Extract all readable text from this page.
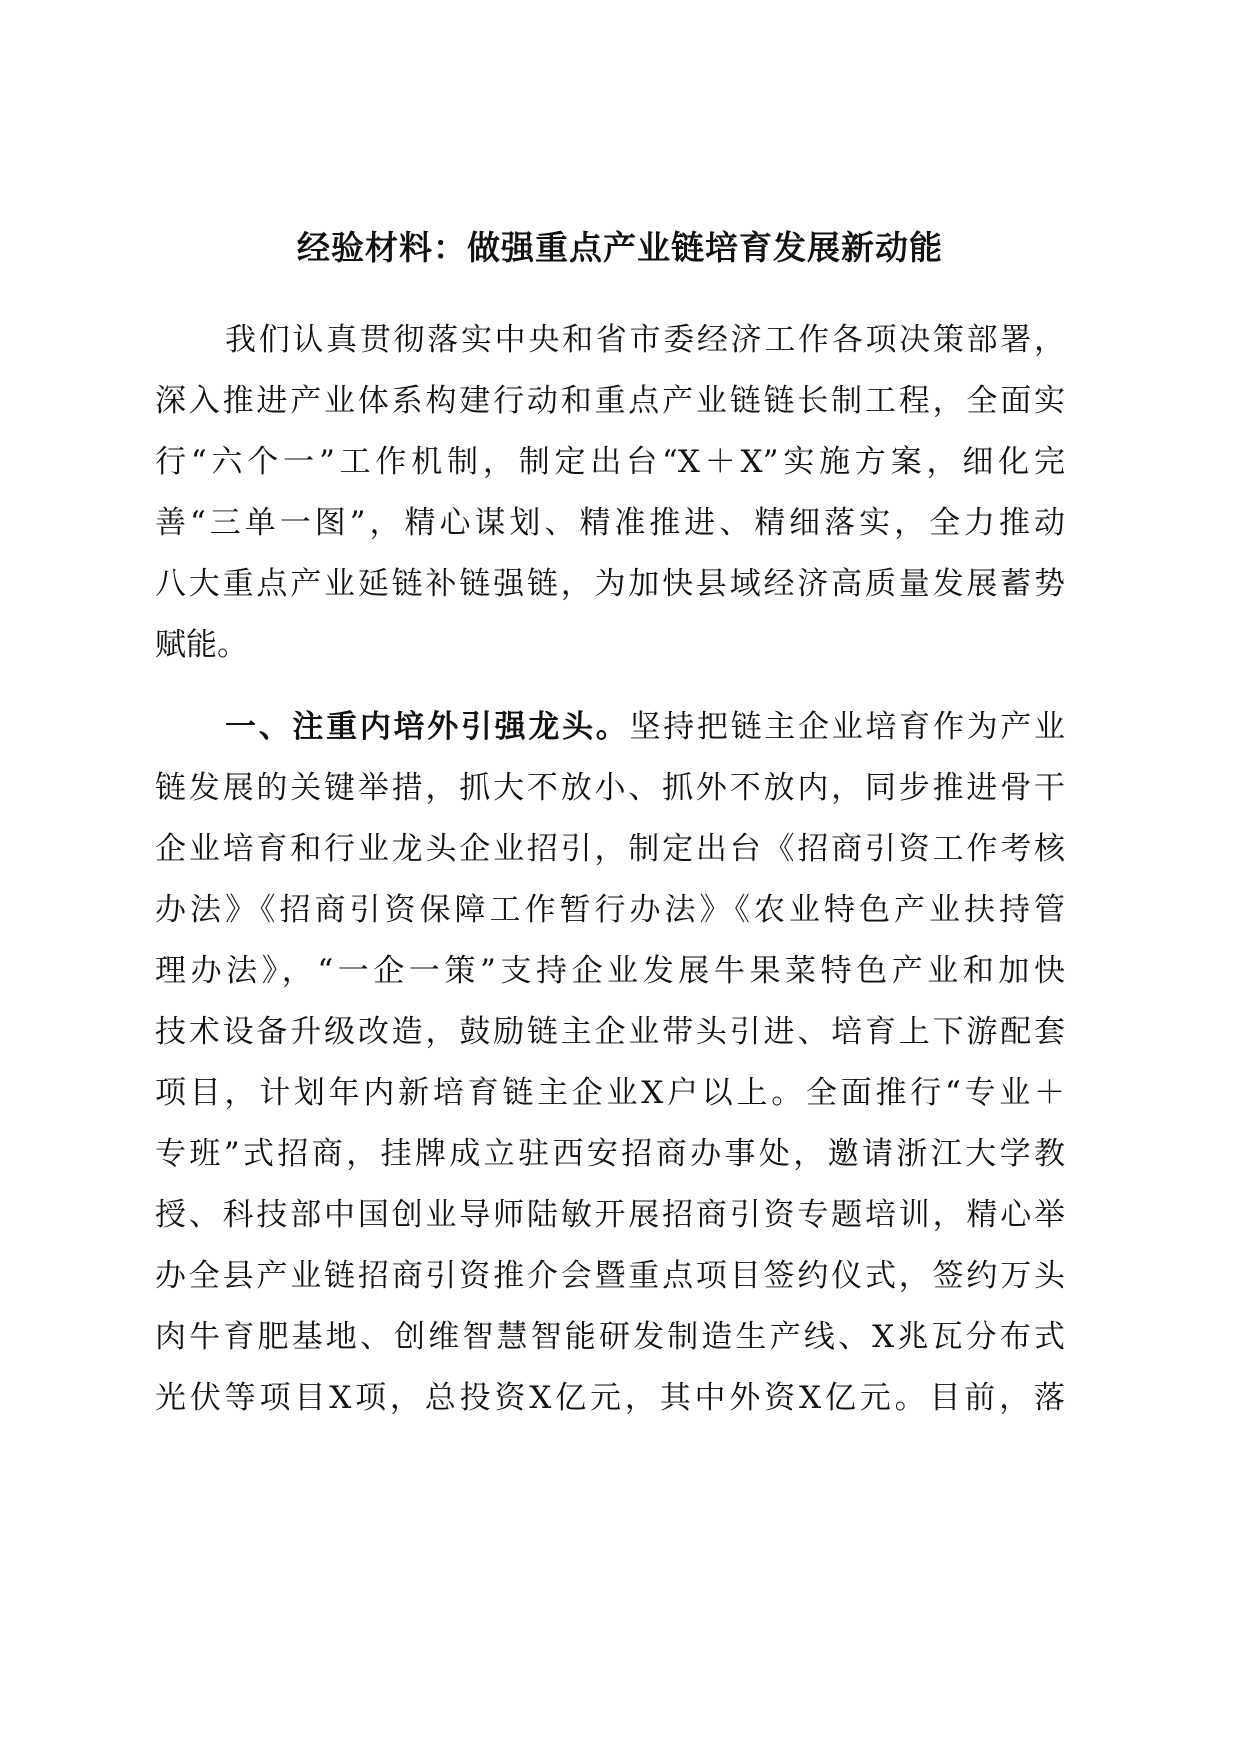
经验材料：做强重点产业链培育发展新动能
我们认真贯彻落实中央和省市委经济工作各项决策部署，
深入推进产业体系构建行动和重点产业链链长制工程，全面实
行“六个一”工作机制，制定出台“X＋X”实施方案，细化完
善“三单一图”，精心谋划、精准推进、精细落实，全力推动
八大重点产业延链补链强链，为加快县域经济高质量发展蓄势
赋能。
一、注重内培外引强龙头。坚持把链主企业培育作为产业
链发展的关键举措，抓大不放小、抓外不放内，同步推进骨干
企业培育和行业龙头企业招引，制定出台《招商引资工作考核
办法》《招商引资保障工作暂行办法》《农业特色产业扶持管
理办法》，“一企一策”支持企业发展牛果菜特色产业和加快
技术设备升级改造，鼓励链主企业带头引进、培育上下游配套
项目，计划年内新培育链主企业X户以上。全面推行“专业＋
专班”式招商，挂牌成立驻西安招商办事处，邀请浙江大学教
授、科技部中国创业导师陆敏开展招商引资专题培训，精心举
办全县产业链招商引资推介会暨重点项目签约仪式，签约万头
肉牛育肥基地、创维智慧智能研发制造生产线、X兆瓦分布式
光伏等项目X项，总投资X亿元，其中外资X亿元。目前，落
